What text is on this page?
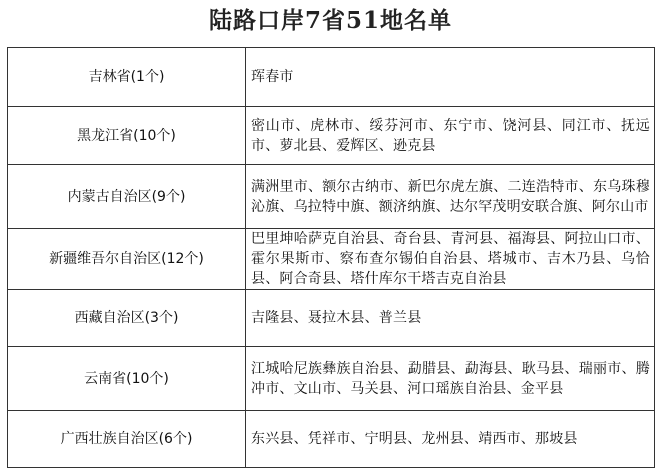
陆路口岸7省51地名单
吉林省(1个)	珲春市
黑龙江省(10个)	密山市、虎林市、绥芬河市、东宁市、饶河县、同江市、抚远市、萝北县、爱辉区、逊克县
内蒙古自治区(9个)	满洲里市、额尔古纳市、新巴尔虎左旗、二连浩特市、东乌珠穆沁旗、乌拉特中旗、额济纳旗、达尔罕茂明安联合旗、阿尔山市
新疆维吾尔自治区(12个)	巴里坤哈萨克自治县、奇台县、青河县、福海县、阿拉山口市、霍尔果斯市、察布查尔锡伯自治县、塔城市、吉木乃县、乌恰县、阿合奇县、塔什库尔干塔吉克自治县
西藏自治区(3个)	吉隆县、聂拉木县、普兰县
云南省(10个)	江城哈尼族彝族自治县、勐腊县、勐海县、耿马县、瑞丽市、腾冲市、文山市、马关县、河口瑶族自治县、金平县
广西壮族自治区(6个)	东兴县、凭祥市、宁明县、龙州县、靖西市、那坡县
